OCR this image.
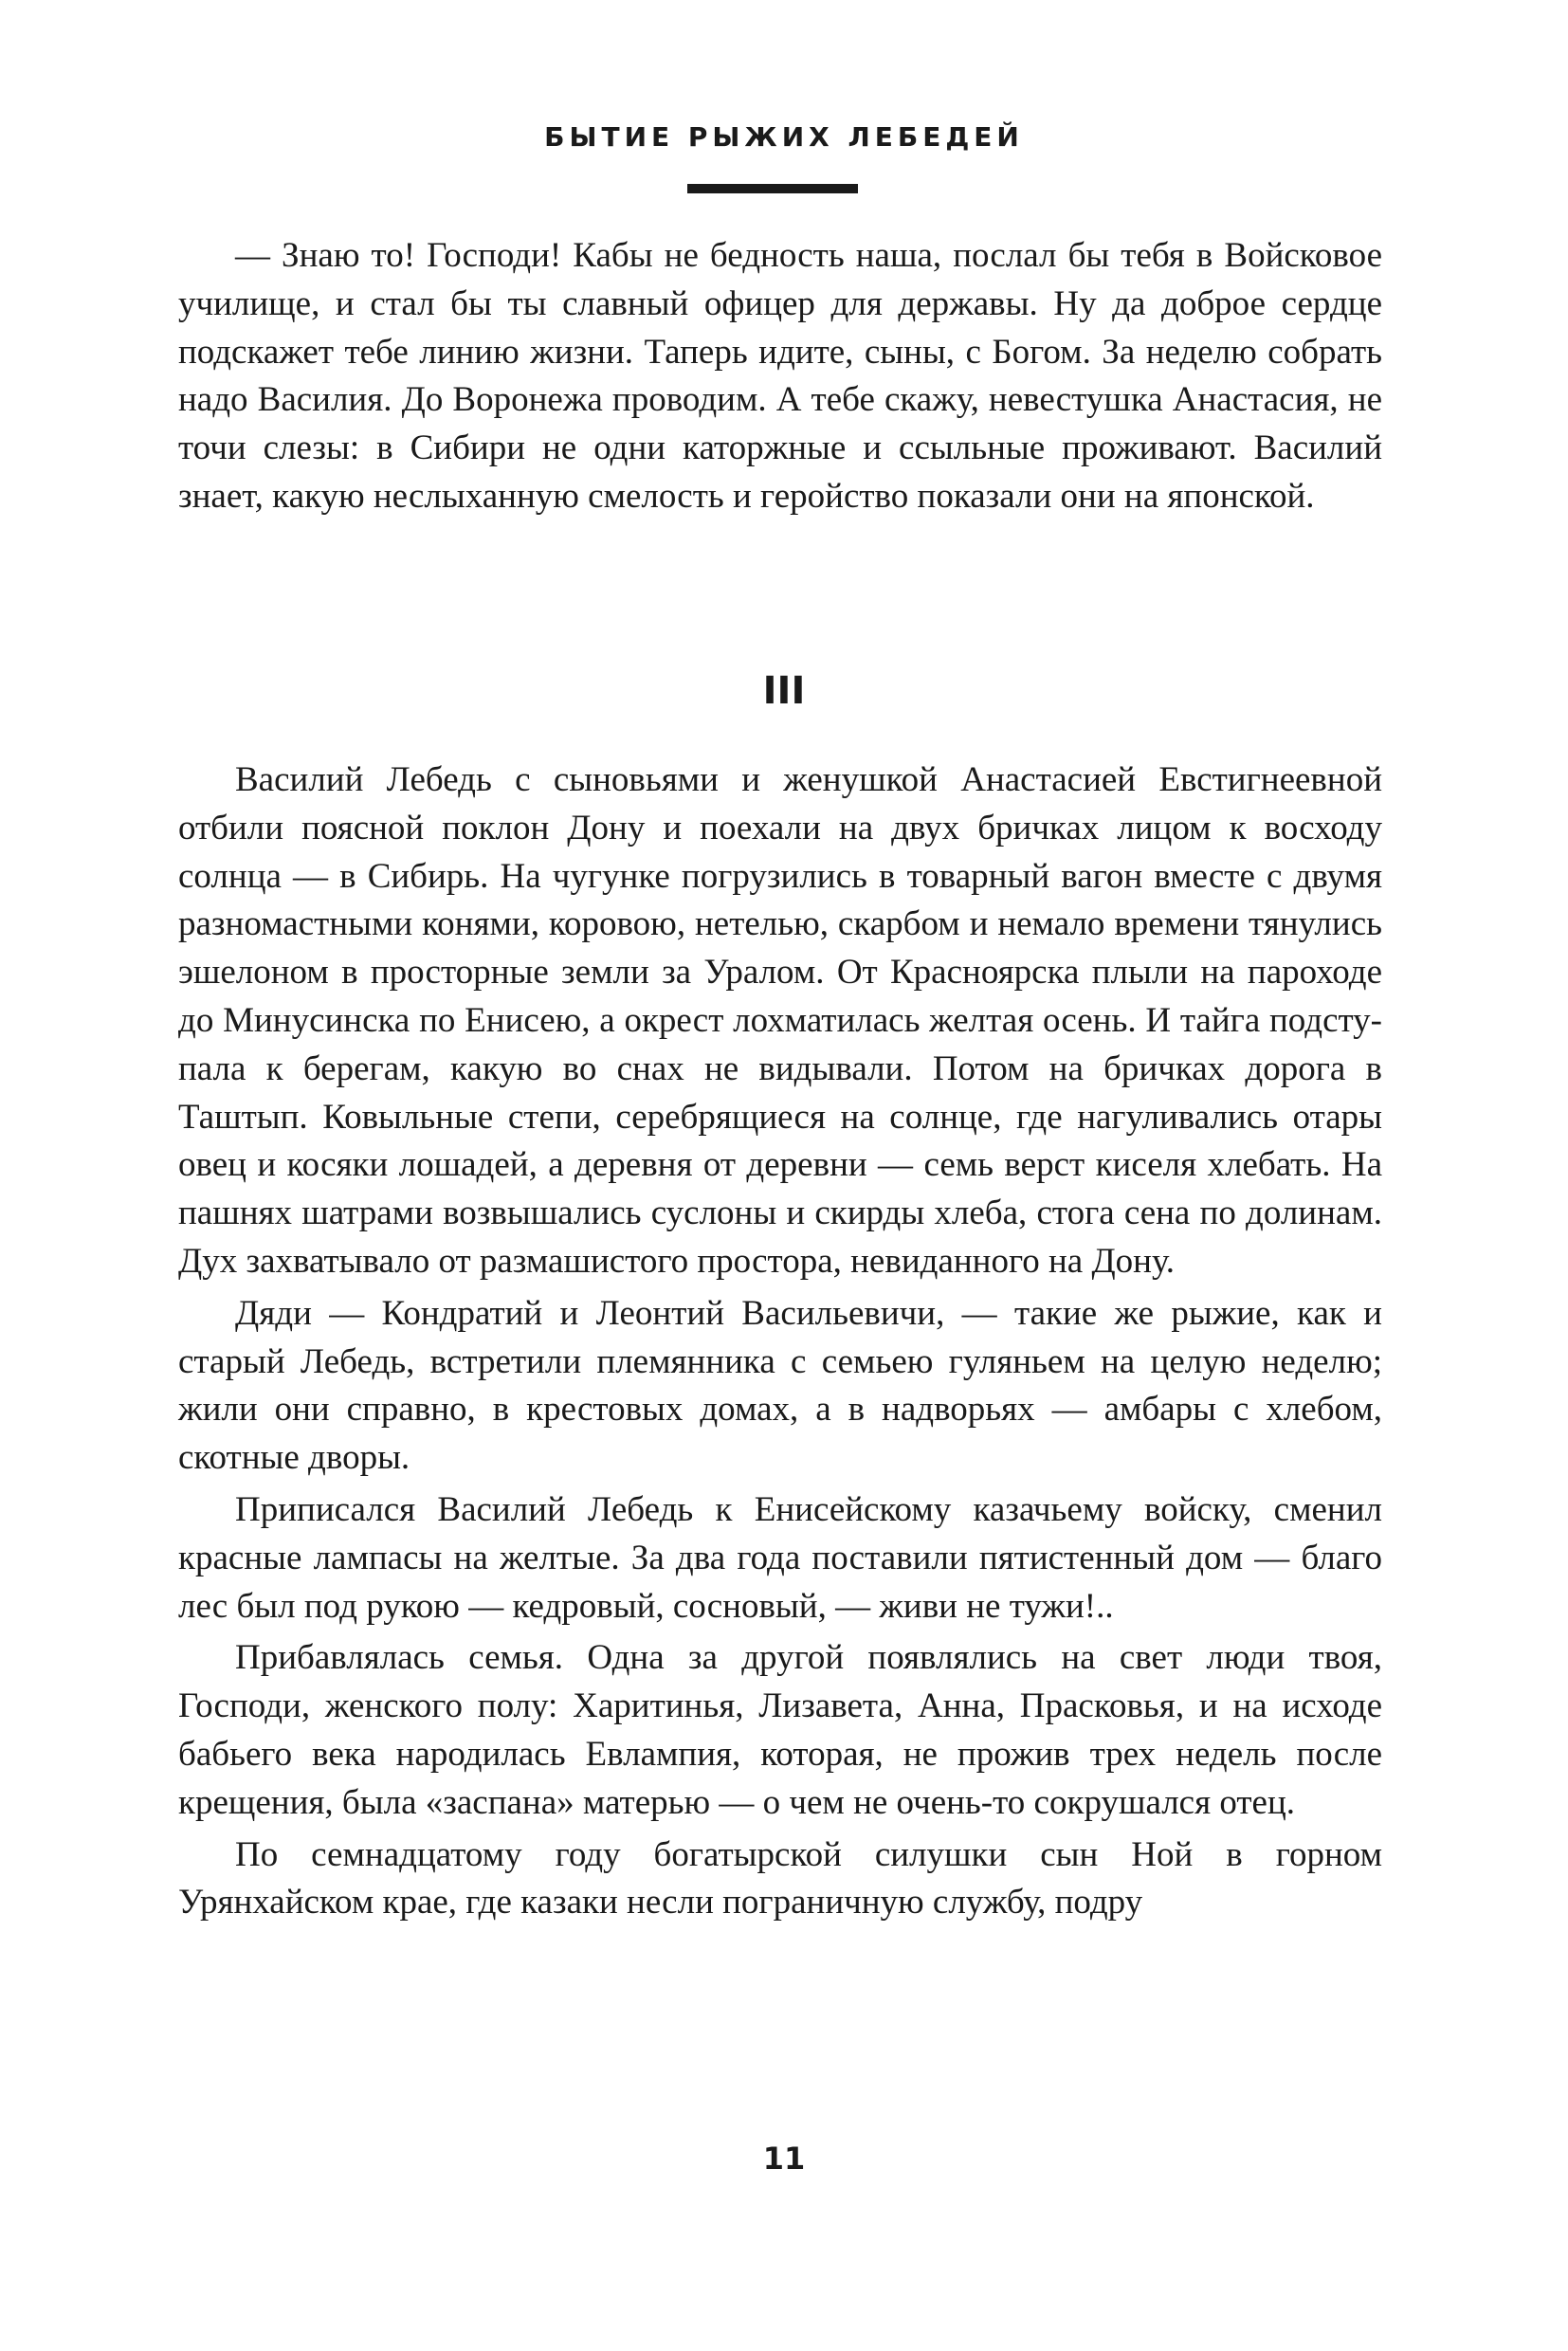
БЫТИЕ РЫЖИХ ЛЕБЕДЕЙ

— Знаю то! Господи! Кабы не бедность наша, послал бы тебя в Войсковое училище, и стал бы ты славный офицер для державы. Ну да доброе сердце подскажет тебе линию жизни. Таперь идите, сыны, с Богом. За неделю собрать надо Василия. До Воронежа проводим. А тебе скажу, невестушка Анастасия, не точи слезы: в Сибири не одни каторжные и ссыльные проживают. Василий знает, какую неслыханную смелость и геройство показали они на японской.

III

Василий Лебедь с сыновьями и женушкой Анастасией Евстигнеевной отбили поясной поклон Дону и поехали на двух бричках лицом к восходу солнца — в Сибирь. На чугунке погрузились в товарный вагон вместе с двумя разномастными конями, коровою, нетелью, скарбом и немало времени тянулись эшелоном в просторные земли за Уралом. От Красноярска плыли на пароходе до Минусинска по Енисею, а окрест лохматилась желтая осень. И тайга подступала к берегам, какую во снах не видывали. Потом на бричках дорога в Таштып. Ковыльные степи, серебрящиеся на солнце, где нагуливались отары овец и косяки лошадей, а деревня от деревни — семь верст киселя хлебать. На пашнях шатрами возвышались суслоны и скирды хлеба, стога сена по долинам. Дух захватывало от размашистого простора, невиданного на Дону.

Дяди — Кондратий и Леонтий Васильевичи, — такие же рыжие, как и старый Лебедь, встретили племянника с семьею гуляньем на целую неделю; жили они справно, в крестовых домах, а в надворьях — амбары с хлебом, скотные дворы.

Приписался Василий Лебедь к Енисейскому казачьему войску, сменил красные лампасы на желтые. За два года поставили пятистенный дом — благо лес был под рукою — кедровый, сосновый, — живи не тужи!..

Прибавлялась семья. Одна за другой появлялись на свет люди твоя, Господи, женского полу: Харитинья, Лизавета, Анна, Прасковья, и на исходе бабьего века народилась Евлампия, которая, не прожив трех недель после крещения, была «заспана» матерью — о чем не очень-то сокрушался отец.

По семнадцатому году богатырской силушки сын Ной в горном Урянхайском крае, где казаки несли пограничную службу, подру

11
